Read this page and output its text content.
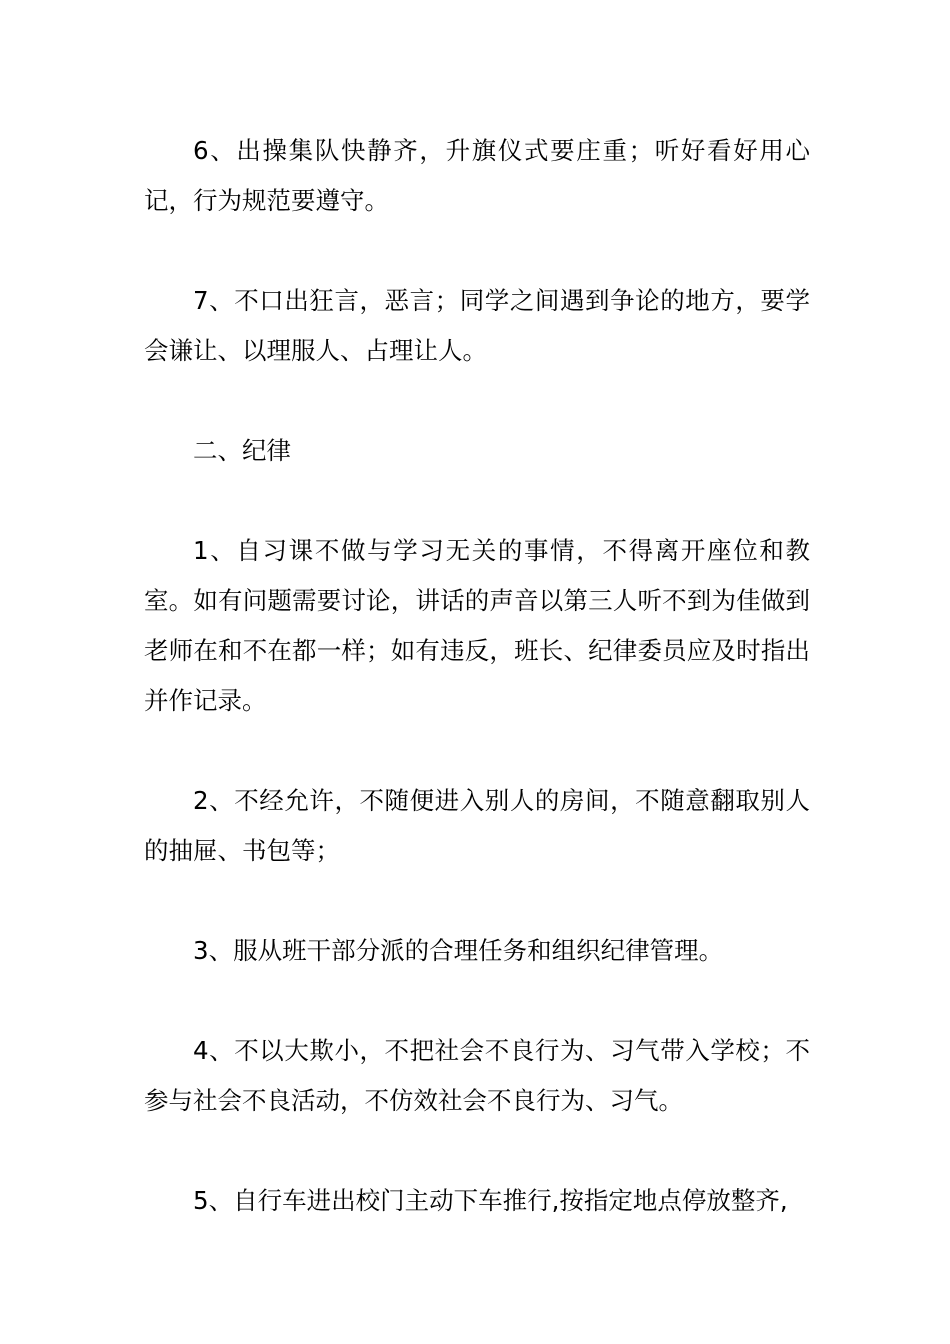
6、出操集队快静齐，升旗仪式要庄重；听好看好用心记，行为规范要遵守。

7、不口出狂言，恶言；同学之间遇到争论的地方，要学会谦让、以理服人、占理让人。

二、纪律

1、自习课不做与学习无关的事情，不得离开座位和教室。如有问题需要讨论，讲话的声音以第三人听不到为佳做到老师在和不在都一样；如有违反，班长、纪律委员应及时指出并作记录。

2、不经允许，不随便进入别人的房间，不随意翻取别人的抽屉、书包等；

3、服从班干部分派的合理任务和组织纪律管理。

4、不以大欺小，不把社会不良行为、习气带入学校；不参与社会不良活动，不仿效社会不良行为、习气。

5、自行车进出校门主动下车推行,按指定地点停放整齐,
